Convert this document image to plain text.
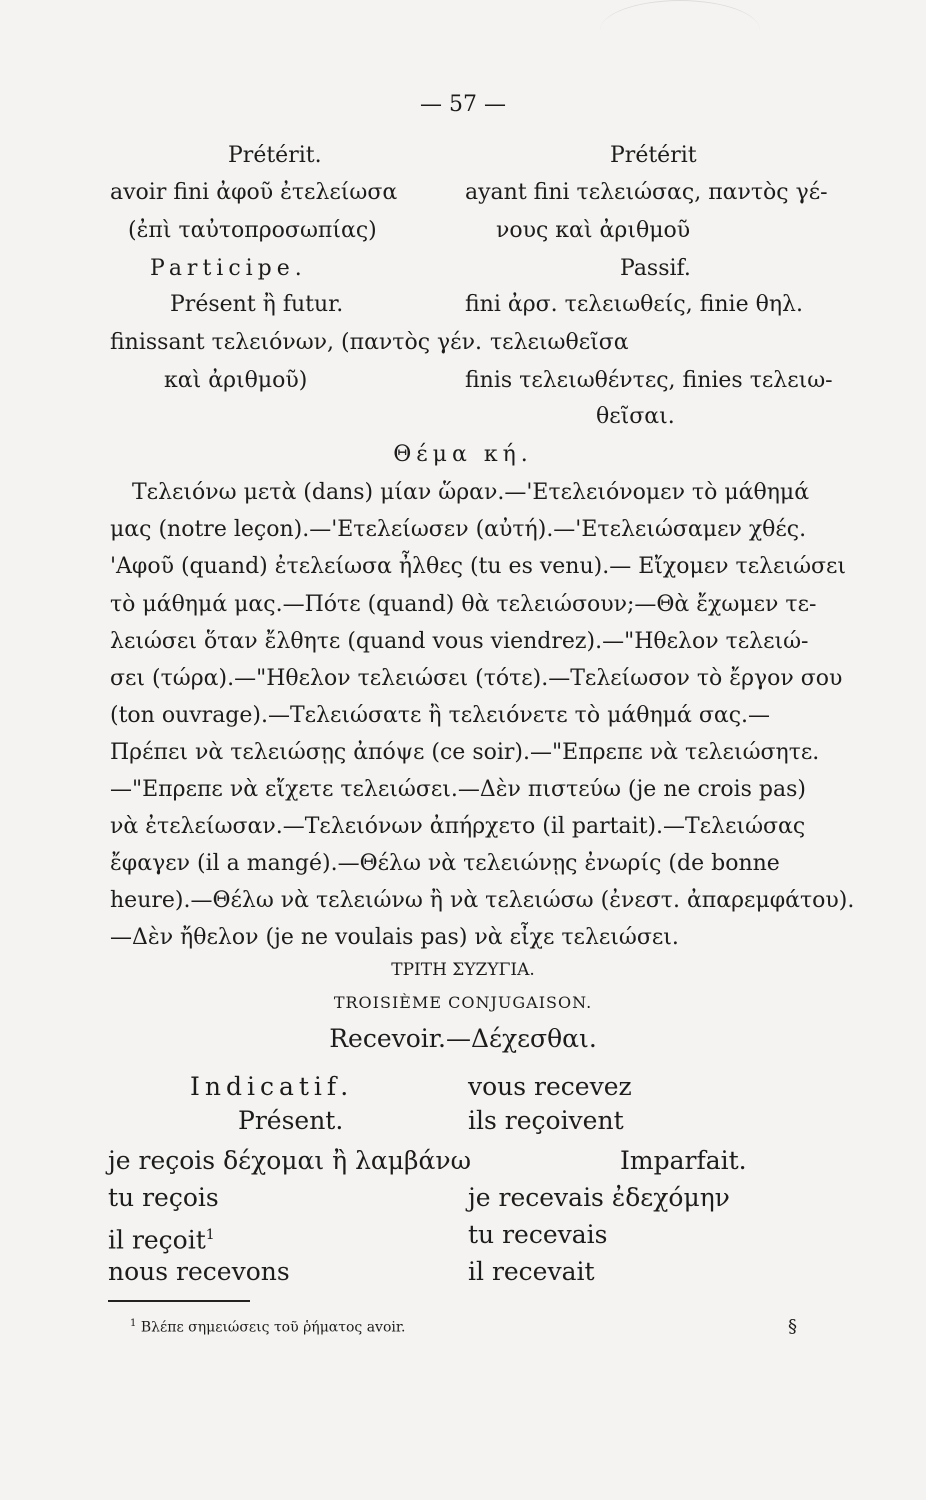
— 57 —
Prétérit.
avoir fini ἀφοῦ ἐτελείωσα
(ἐπὶ ταὐτοπροσωπίας)
Participe.
Présent ἢ futur.
finissant τελειόνων, (παντὸς γέν.
καὶ ἀριθμοῦ)
Prétérit
ayant fini τελειώσας, παντὸς γέ-
νους καὶ ἀριθμοῦ
Passif.
fini ἀρσ. τελειωθείς, finie θηλ.
τελειωθεῖσα
finis τελειωθέντες, finies τελειω-
θεῖσαι.
Θέμα κή.
Τελειόνω μετὰ (dans) μίαν ὥραν.—'Ετελειόνομεν τὸ μάθημά
μας (notre leçon).—'Ετελείωσεν (αὐτή).—'Ετελειώσαμεν χθές.
'Αφοῦ (quand) ἐτελείωσα ἦλθες (tu es venu).— Εἴχομεν τελειώσει
τὸ μάθημά μας.—Πότε (quand) θὰ τελειώσουν;—Θὰ ἔχωμεν τε-
λειώσει ὅταν ἔλθητε (quand vous viendrez).—"Ηθελον τελειώ-
σει (τώρα).—"Ηθελον τελειώσει (τότε).—Τελείωσον τὸ ἔργον σου
(ton ouvrage).—Τελειώσατε ἢ τελειόνετε τὸ μάθημά σας.—
Πρέπει νὰ τελειώσῃς ἀπόψε (ce soir).—"Επρεπε νὰ τελειώσητε.
—"Επρεπε νὰ εἴχετε τελειώσει.—Δὲν πιστεύω (je ne crois pas)
νὰ ἐτελείωσαν.—Τελειόνων ἀπήρχετο (il partait).—Τελειώσας
ἔφαγεν (il a mangé).—Θέλω νὰ τελειώνῃς ἐνωρίς (de bonne
heure).—Θέλω νὰ τελειώνω ἢ νὰ τελειώσω (ἐνεστ. ἀπαρεμφάτου).
—Δὲν ἤθελον (je ne voulais pas) νὰ εἶχε τελειώσει.
ΤΡΙΤΗ ΣΥΖΥΓΙΑ.
TROISIÈME CONJUGAISON.
Recevoir.—Δέχεσθαι.
Indicatif.
Présent.
je reçois δέχομαι ἢ λαμβάνω
tu reçois
il reçoit$^1$
nous recevons
vous recevez
ils reçoivent
Imparfait.
je recevais ἐδεχόμην
tu recevais
il recevait
$^1$ Βλέπε σημειώσεις τοῦ ῥήματος avoir.	§
